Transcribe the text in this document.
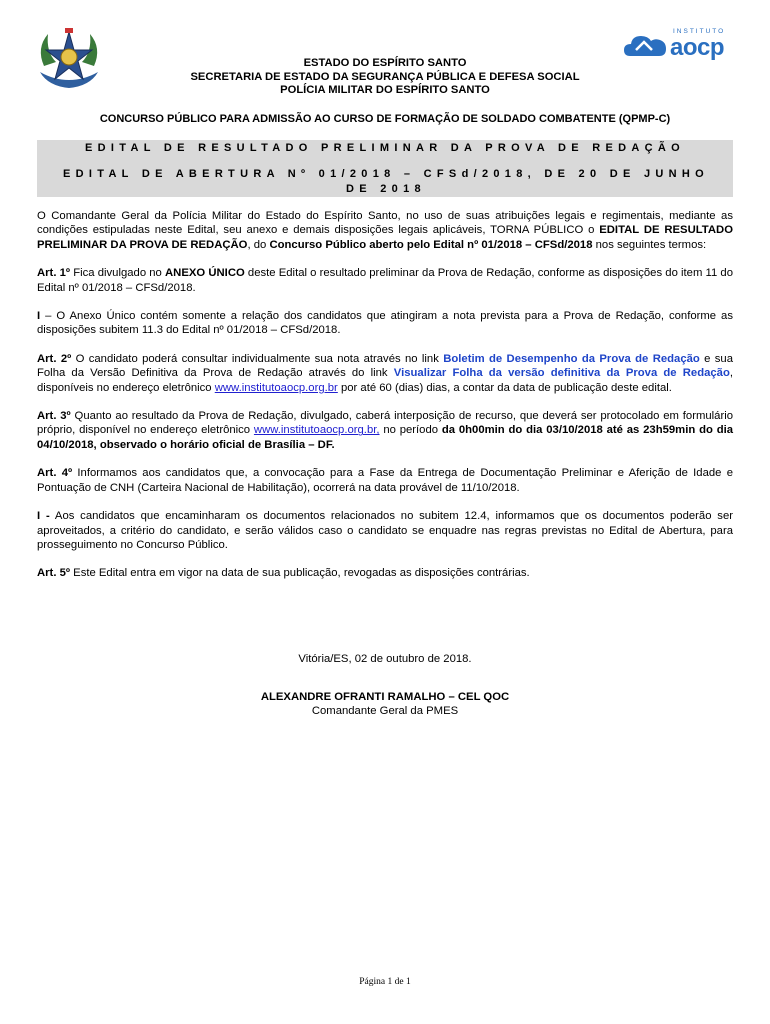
INSTITUTO
aocp
ESTADO DO ESPÍRITO SANTO
SECRETARIA DE ESTADO DA SEGURANÇA PÚBLICA E DEFESA SOCIAL
POLÍCIA MILITAR DO ESPÍRITO SANTO
CONCURSO PÚBLICO PARA ADMISSÃO AO CURSO DE FORMAÇÃO DE SOLDADO COMBATENTE (QPMP-C)
EDITAL DE RESULTADO PRELIMINAR DA PROVA DE REDAÇÃO
EDITAL DE ABERTURA Nº 01/2018 – CFSd/2018, DE 20 DE JUNHO DE 2018

O Comandante Geral da Polícia Militar do Estado do Espírito Santo, no uso de suas atribuições legais e regimentais, mediante as condições estipuladas neste Edital, seu anexo e demais disposições legais aplicáveis, TORNA PÚBLICO o EDITAL DE RESULTADO PRELIMINAR DA PROVA DE REDAÇÃO, do Concurso Público aberto pelo Edital nº 01/2018 – CFSd/2018 nos seguintes termos:

Art. 1º Fica divulgado no ANEXO ÚNICO deste Edital o resultado preliminar da Prova de Redação, conforme as disposições do item 11 do Edital nº 01/2018 – CFSd/2018.

I – O Anexo Único contém somente a relação dos candidatos que atingiram a nota prevista para a Prova de Redação, conforme as disposições subitem 11.3 do Edital nº 01/2018 – CFSd/2018.

Art. 2º O candidato poderá consultar individualmente sua nota através no link Boletim de Desempenho da Prova de Redação e sua Folha da Versão Definitiva da Prova de Redação através do link Visualizar Folha da versão definitiva da Prova de Redação, disponíveis no endereço eletrônico www.institutoaocp.org.br por até 60 (dias) dias, a contar da data de publicação deste edital.

Art. 3º Quanto ao resultado da Prova de Redação, divulgado, caberá interposição de recurso, que deverá ser protocolado em formulário próprio, disponível no endereço eletrônico www.institutoaocp.org.br, no período da 0h00min do dia 03/10/2018 até as 23h59min do dia 04/10/2018, observado o horário oficial de Brasília – DF.

Art. 4º Informamos aos candidatos que, a convocação para a Fase da Entrega de Documentação Preliminar e Aferição de Idade e Pontuação de CNH (Carteira Nacional de Habilitação), ocorrerá na data provável de 11/10/2018.

I - Aos candidatos que encaminharam os documentos relacionados no subitem 12.4, informamos que os documentos poderão ser aproveitados, a critério do candidato, e serão válidos caso o candidato se enquadre nas regras previstas no Edital de Abertura, para prosseguimento no Concurso Público.

Art. 5º Este Edital entra em vigor na data de sua publicação, revogadas as disposições contrárias.

Vitória/ES, 02 de outubro de 2018.
ALEXANDRE OFRANTI RAMALHO – CEL QOC
Comandante Geral da PMES
Página 1 de 1
